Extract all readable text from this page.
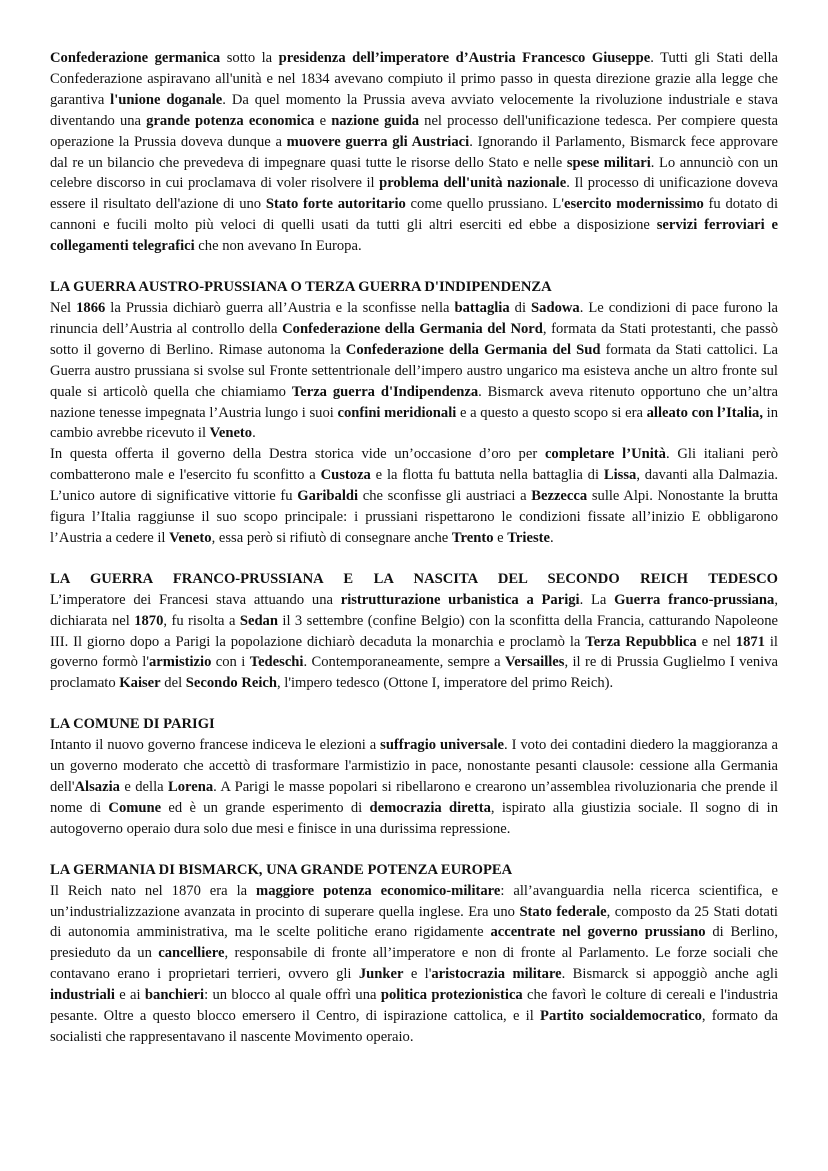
Confederazione germanica sotto la presidenza dell’imperatore d’Austria Francesco Giuseppe. Tutti gli Stati della Confederazione aspiravano all'unità e nel 1834 avevano compiuto il primo passo in questa direzione grazie alla legge che garantiva l'unione doganale. Da quel momento la Prussia aveva avviato velocemente la rivoluzione industriale e stava diventando una grande potenza economica e nazione guida nel processo dell'unificazione tedesca. Per compiere questa operazione la Prussia doveva dunque a muovere guerra gli Austriaci. Ignorando il Parlamento, Bismarck fece approvare dal re un bilancio che prevedeva di impegnare quasi tutte le risorse dello Stato e nelle spese militari. Lo annunciò con un celebre discorso in cui proclamava di voler risolvere il problema dell'unità nazionale. Il processo di unificazione doveva essere il risultato dell'azione di uno Stato forte autoritario come quello prussiano. L'esercito modernissimo fu dotato di cannoni e fucili molto più veloci di quelli usati da tutti gli altri eserciti ed ebbe a disposizione servizi ferroviari e collegamenti telegrafici che non avevano In Europa.
LA GUERRA AUSTRO-PRUSSIANA O TERZA GUERRA D'INDIPENDENZA
Nel 1866 la Prussia dichiarò guerra all’Austria e la sconfisse nella battaglia di Sadowa. Le condizioni di pace furono la rinuncia dell’Austria al controllo della Confederazione della Germania del Nord, formata da Stati protestanti, che passò sotto il governo di Berlino. Rimase autonoma la Confederazione della Germania del Sud formata da Stati cattolici. La Guerra austro prussiana si svolse sul Fronte settentrionale dell’impero austro ungarico ma esisteva anche un altro fronte sul quale si articolò quella che chiamiamo Terza guerra d'Indipendenza. Bismarck aveva ritenuto opportuno che un’altra nazione tenesse impegnata l’Austria lungo i suoi confini meridionali e a questo a questo scopo si era alleato con l’Italia, in cambio avrebbe ricevuto il Veneto.
In questa offerta il governo della Destra storica vide un’occasione d’oro per completare l’Unità. Gli italiani però combatterono male e l'esercito fu sconfitto a Custoza e la flotta fu battuta nella battaglia di Lissa, davanti alla Dalmazia. L’unico autore di significative vittorie fu Garibaldi che sconfisse gli austriaci a Bezzecca sulle Alpi. Nonostante la brutta figura l’Italia raggiunse il suo scopo principale: i prussiani rispettarono le condizioni fissate all’inizio E obbligarono l’Austria a cedere il Veneto, essa però si rifiutò di consegnare anche Trento e Trieste.
LA GUERRA FRANCO-PRUSSIANA E LA NASCITA DEL SECONDO REICH TEDESCO
L’imperatore dei Francesi stava attuando una ristrutturazione urbanistica a Parigi. La Guerra franco-prussiana, dichiarata nel 1870, fu risolta a Sedan il 3 settembre (confine Belgio) con la sconfitta della Francia, catturando Napoleone III. Il giorno dopo a Parigi la popolazione dichiarò decaduta la monarchia e proclamò la Terza Repubblica e nel 1871 il governo formò l'armistizio con i Tedeschi. Contemporaneamente, sempre a Versailles, il re di Prussia Guglielmo I veniva proclamato Kaiser del Secondo Reich, l'impero tedesco (Ottone I, imperatore del primo Reich).
LA COMUNE DI PARIGI
Intanto il nuovo governo francese indiceva le elezioni a suffragio universale. I voto dei contadini diedero la maggioranza a un governo moderato che accettò di trasformare l'armistizio in pace, nonostante pesanti clausole: cessione alla Germania dell'Alsazia e della Lorena. A Parigi le masse popolari si ribellarono e crearono un’assemblea rivoluzionaria che prende il nome di Comune ed è un grande esperimento di democrazia diretta, ispirato alla giustizia sociale. Il sogno di in autogoverno operaio dura solo due mesi e finisce in una durissima repressione.
LA GERMANIA DI BISMARCK, UNA GRANDE POTENZA EUROPEA
Il Reich nato nel 1870 era la maggiore potenza economico-militare: all’avanguardia nella ricerca scientifica, e un’industrializzazione avanzata in procinto di superare quella inglese. Era uno Stato federale, composto da 25 Stati dotati di autonomia amministrativa, ma le scelte politiche erano rigidamente accentrate nel governo prussiano di Berlino, presieduto da un cancelliere, responsabile di fronte all’imperatore e non di fronte al Parlamento. Le forze sociali che contavano erano i proprietari terrieri, ovvero gli Junker e l'aristocrazia militare. Bismarck si appoggiò anche agli industriali e ai banchieri: un blocco al quale offrì una politica protezionistica che favorì le colture di cereali e l'industria pesante. Oltre a questo blocco emersero il Centro, di ispirazione cattolica, e il Partito socialdemocratico, formato da socialisti che rappresentavano il nascente Movimento operaio.
